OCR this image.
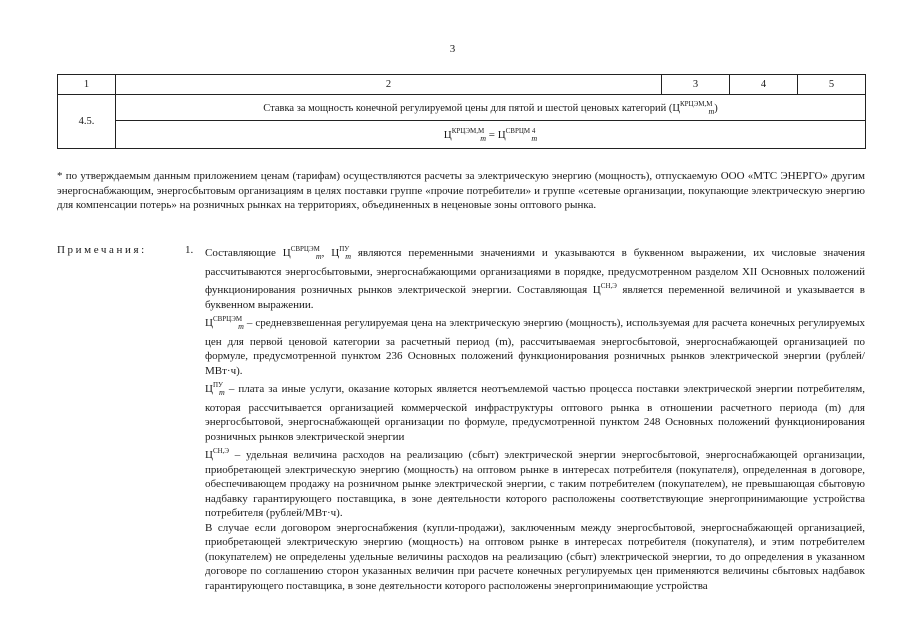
3
1	2	3	4	5
4.5.	Ставка за мощность конечной регулируемой цены для пятой и шестой ценовых категорий $(Ц^{КРЦЭМ,М}_m)$			
	$Ц^{КРЦЭМ,М}_m = Ц^{СВРЦМ 4}_m$

* по утверждаемым данным приложением ценам (тарифам) осуществляются расчеты за электрическую энергию (мощность), отпускаемую ООО «МТС ЭНЕРГО» другим энергоснабжающим, энергосбытовым организациям в целях поставки группе «прочие потребители» и группе «сетевые организации, покупающие электрическую энергию для компенсации потерь» на розничных рынках на территориях, объединенных в неценовые зоны оптового рынка.

Примечания:	1. Составляющие $Ц^{СВРЦЭМ}_m$, $Ц^{ПУ}_m$ являются переменными значениями и указываются в буквенном выражении, их числовые значения рассчитываются энергосбытовыми, энергоснабжающими организациями в порядке, предусмотренном разделом XII Основных положений функционирования розничных рынков электрической энергии. Составляющая $Ц^{СН,Э}$ является переменной величиной и указывается в буквенном выражении.

$Ц^{СВРЦЭМ}_m$ – средневзвешенная регулируемая цена на электрическую энергию (мощность), используемая для расчета конечных регулируемых цен для первой ценовой категории за расчетный период (m), рассчитываемая энергосбытовой, энергоснабжающей организацией по формуле, предусмотренной пунктом 236 Основных положений функционирования розничных рынков электрической энергии (рублей/МВт·ч).

$Ц^{ПУ}_m$ – плата за иные услуги, оказание которых является неотъемлемой частью процесса поставки электрической энергии потребителям, которая рассчитывается организацией коммерческой инфраструктуры оптового рынка в отношении расчетного периода (m) для энергосбытовой, энергоснабжающей организации по формуле, предусмотренной пунктом 248 Основных положений функционирования розничных рынков электрической энергии

$Ц^{СН,Э}$ – удельная величина расходов на реализацию (сбыт) электрической энергии энергосбытовой, энергоснабжающей организации, приобретающей электрическую энергию (мощность) на оптовом рынке в интересах потребителя (покупателя), определенная в договоре, обеспечивающем продажу на розничном рынке электрической энергии, с таким потребителем (покупателем), не превышающая сбытовую надбавку гарантирующего поставщика, в зоне деятельности которого расположены соответствующие энергопринимающие устройства потребителя (рублей/МВт·ч).

В случае если договором энергоснабжения (купли-продажи), заключенным между энергосбытовой, энергоснабжающей организацией, приобретающей электрическую энергию (мощность) на оптовом рынке в интересах потребителя (покупателя), и этим потребителем (покупателем) не определены удельные величины расходов на реализацию (сбыт) электрической энергии, то до определения в указанном договоре по соглашению сторон указанных величин при расчете конечных регулируемых цен применяются величины сбытовых надбавок гарантирующего поставщика, в зоне деятельности которого расположены энергопринимающие устройства
